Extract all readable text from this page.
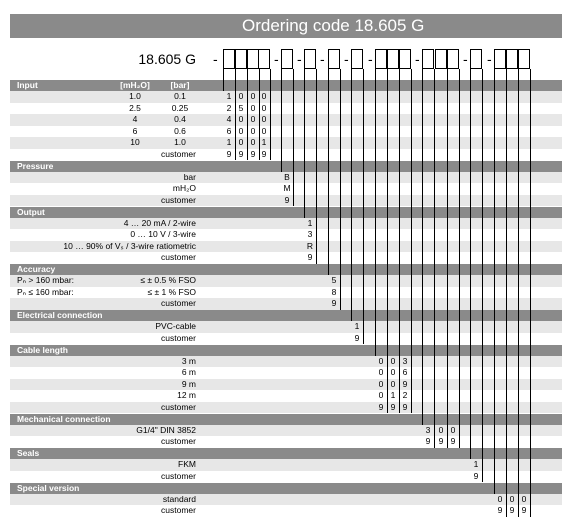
Ordering code 18.605 G
18.605 G -	- - - - -	-	- -
Input	[mH₂O]	[bar]
1.0	0.1	1 0 0 0
2.5	0.25	2 5 0 0
4	0.4	4 0 0 0
6	0.6	6 0 0 0
10	1.0	1 0 0 1
customer	9 9 9 9
Pressure
bar	B
mH₂O	M
customer	9
Output
4 … 20 mA / 2-wire	1
0 … 10 V / 3-wire	3
10 … 90% of Vₛ / 3-wire ratiometric	R
customer	9
Accuracy
Pₙ > 160 mbar:	≤ ± 0.5 % FSO	5
Pₙ ≤ 160 mbar:	≤ ± 1 % FSO	8
customer	9
Electrical connection
PVC-cable	1
customer	9
Cable length
3 m	0 0 3
6 m	0 0 6
9 m	0 0 9
12 m	0 1 2
customer	9 9 9
Mechanical connection
G1/4" DIN 3852	3 0 0
customer	9 9 9
Seals
FKM	1
customer	9
Special version
standard	0 0 0
customer	9 9 9
